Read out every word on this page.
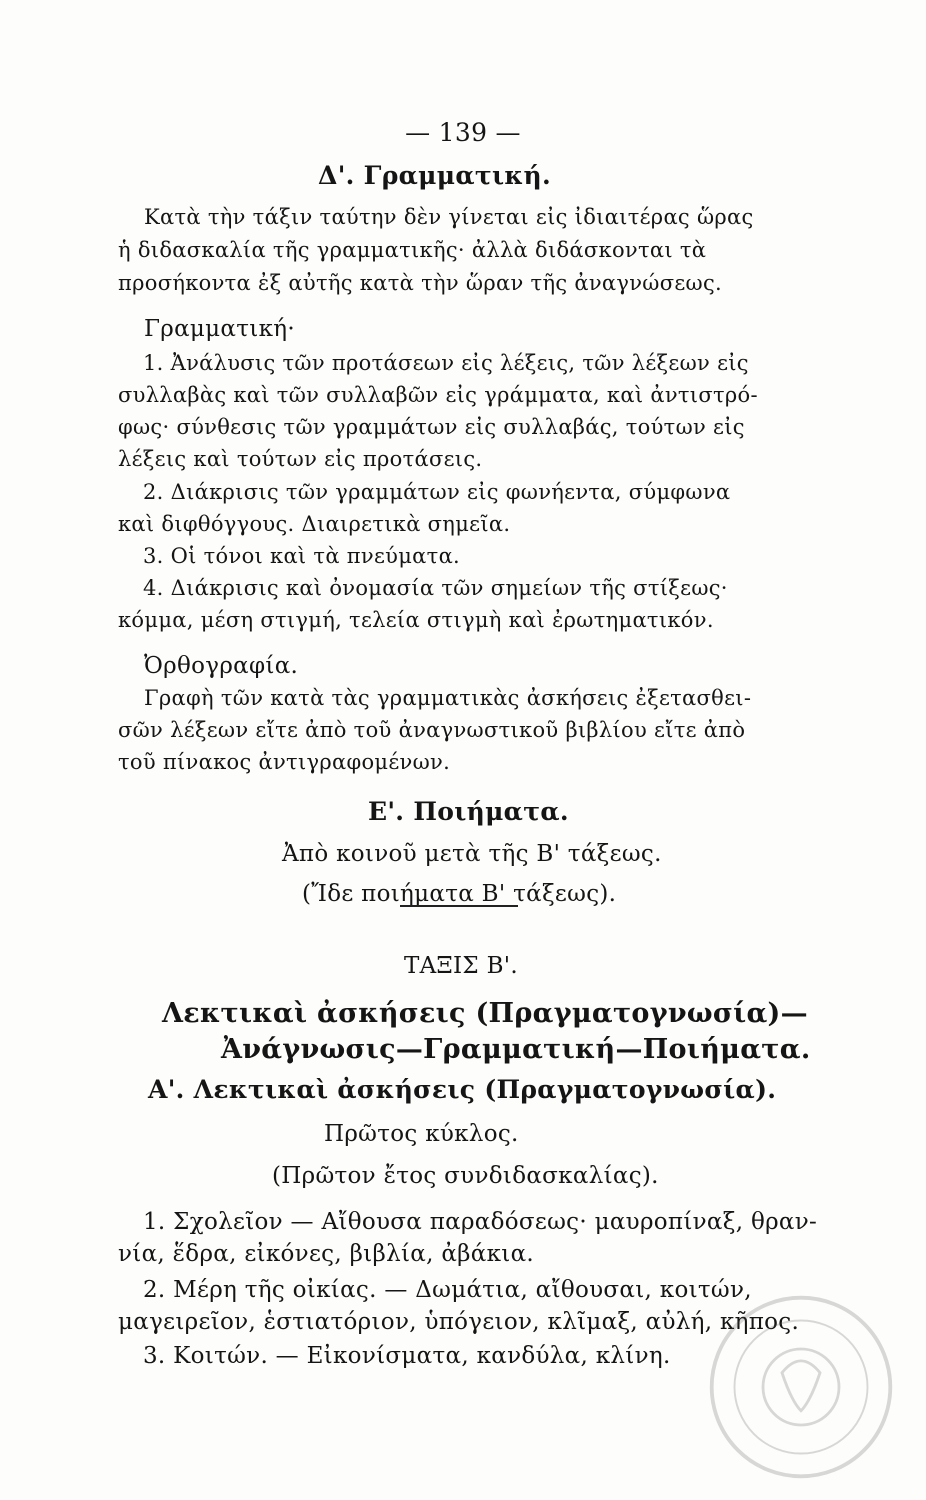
— 139 —
Δ'. Γραμματική.
Κατὰ τὴν τάξιν ταύτην δὲν γίνεται εἰς ἰδιαιτέρας ὥρας
ἡ διδασκαλία τῆς γραμματικῆς· ἀλλὰ διδάσκονται τὰ
προσήκοντα ἐξ αὐτῆς κατὰ τὴν ὥραν τῆς ἀναγνώσεως.
Γραμματική·
1. Ἀνάλυσις τῶν προτάσεων εἰς λέξεις, τῶν λέξεων εἰς
συλλαβὰς καὶ τῶν συλλαβῶν εἰς γράμματα, καὶ ἀντιστρό-
φως· σύνθεσις τῶν γραμμάτων εἰς συλλαβάς, τούτων εἰς
λέξεις καὶ τούτων εἰς προτάσεις.
2. Διάκρισις τῶν γραμμάτων εἰς φωνήεντα, σύμφωνα
καὶ διφθόγγους. Διαιρετικὰ σημεῖα.
3. Οἱ τόνοι καὶ τὰ πνεύματα.
4. Διάκρισις καὶ ὀνομασία τῶν σημείων τῆς στίξεως·
κόμμα, μέση στιγμή, τελεία στιγμὴ καὶ ἐρωτηματικόν.
Ὀρθογραφία.
Γραφὴ τῶν κατὰ τὰς γραμματικὰς ἀσκήσεις ἐξετασθει-
σῶν λέξεων εἴτε ἀπὸ τοῦ ἀναγνωστικοῦ βιβλίου εἴτε ἀπὸ
τοῦ πίνακος ἀντιγραφομένων.
Ε'. Ποιήματα.
Ἀπὸ κοινοῦ μετὰ τῆς Β' τάξεως.
(Ἴδε ποιήματα Β' τάξεως).
ΤΑΞΙΣ Β'.
Λεκτικαὶ ἀσκήσεις (Πραγματογνωσία)—
Ἀνάγνωσις—Γραμματική—Ποιήματα.
Α'. Λεκτικαὶ ἀσκήσεις (Πραγματογνωσία).
Πρῶτος κύκλος.
(Πρῶτον ἔτος συνδιδασκαλίας).
1. Σχολεῖον — Αἴθουσα παραδόσεως· μαυροπίναξ, θραν-
νία, ἕδρα, εἰκόνες, βιβλία, ἀβάκια.
2. Μέρη τῆς οἰκίας. — Δωμάτια, αἴθουσαι, κοιτών,
μαγειρεῖον, ἑστιατόριον, ὑπόγειον, κλῖμαξ, αὐλή, κῆπος.
3. Κοιτών. — Εἰκονίσματα, κανδύλα, κλίνη.
